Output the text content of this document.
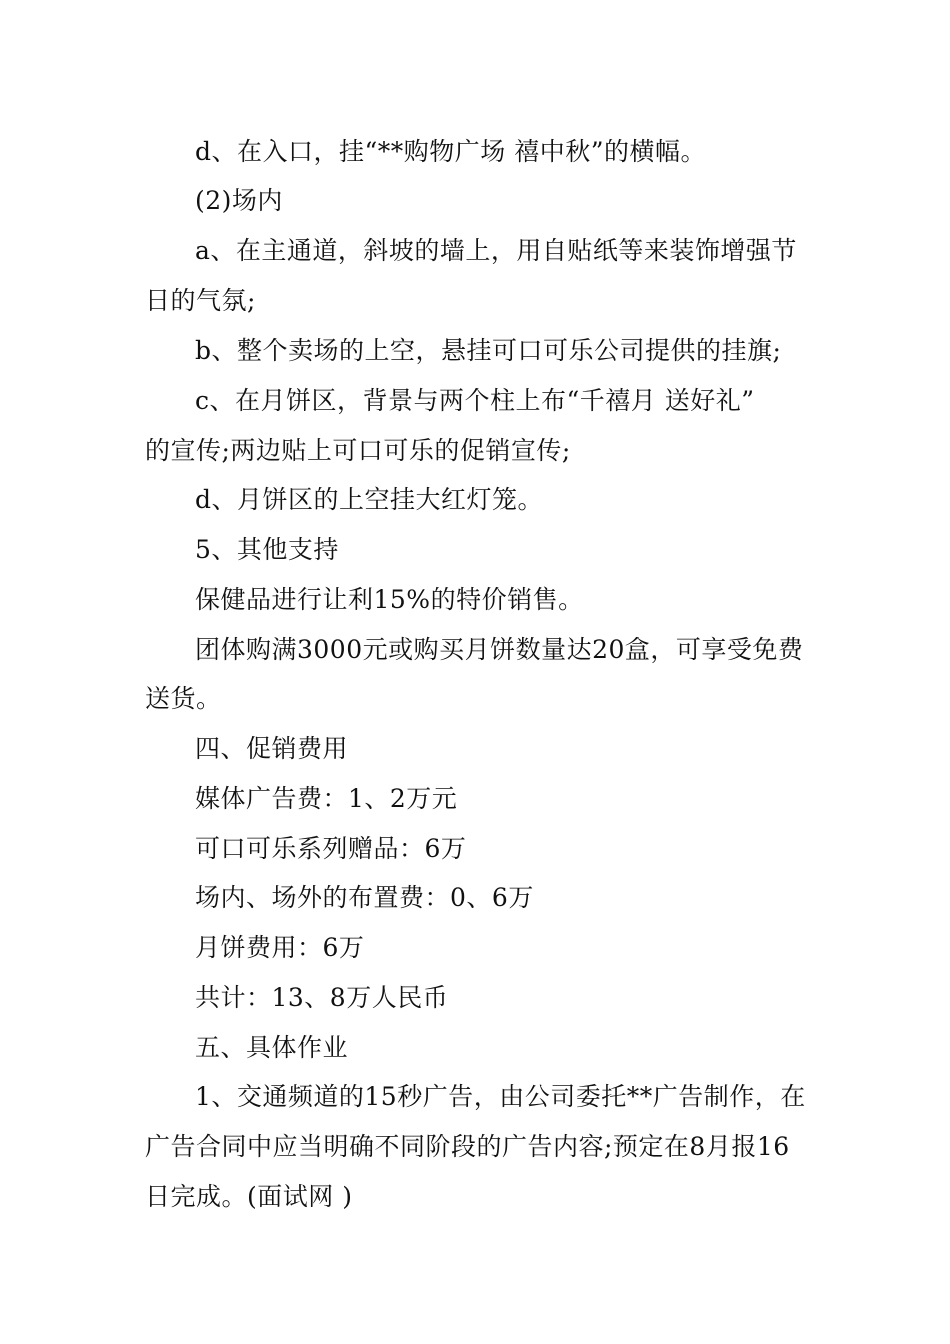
d、在入口，挂“**购物广场 禧中秋”的横幅。
(2)场内
a、在主通道，斜坡的墙上，用自贴纸等来装饰增强节
日的气氛;
b、整个卖场的上空，悬挂可口可乐公司提供的挂旗;
c、在月饼区，背景与两个柱上布“千禧月 送好礼”
的宣传;两边贴上可口可乐的促销宣传;
d、月饼区的上空挂大红灯笼。
5、其他支持
保健品进行让利15%的特价销售。
团体购满3000元或购买月饼数量达20盒，可享受免费
送货。
四、促销费用
媒体广告费：1、2万元
可口可乐系列赠品：6万
场内、场外的布置费：0、6万
月饼费用：6万
共计：13、8万人民币
五、具体作业
1、交通频道的15秒广告，由公司委托**广告制作，在
广告合同中应当明确不同阶段的广告内容;预定在8月报16
日完成。(面试网 )
